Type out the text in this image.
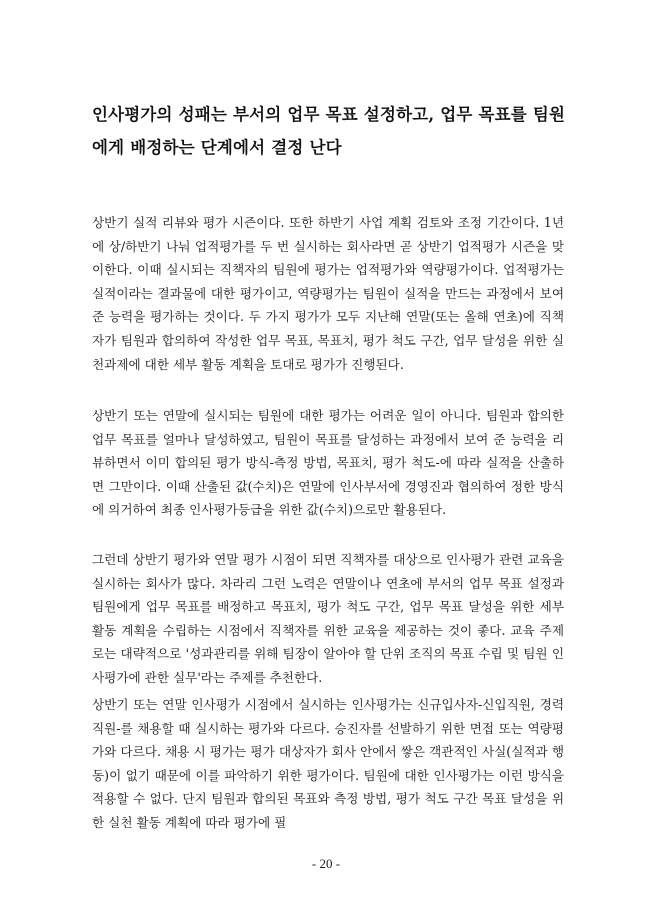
인사평가의 성패는 부서의 업무 목표 설정하고, 업무 목표를 팀원에게 배정하는 단계에서 결정 난다

상반기 실적 리뷰와 평가 시즌이다. 또한 하반기 사업 계획 검토와 조정 기간이다. 1년에 상/하반기 나눠 업적평가를 두 번 실시하는 회사라면 곧 상반기 업적평가 시즌을 맞이한다. 이때 실시되는 직책자의 팀원에 평가는 업적평가와 역량평가이다. 업적평가는 실적이라는 결과물에 대한 평가이고, 역량평가는 팀원이 실적을 만드는 과정에서 보여 준 능력을 평가하는 것이다. 두 가지 평가가 모두 지난해 연말(또는 올해 연초)에 직책자가 팀원과 합의하여 작성한 업무 목표, 목표치, 평가 척도 구간, 업무 달성을 위한 실천과제에 대한 세부 활동 계획을 토대로 평가가 진행된다.

상반기 또는 연말에 실시되는 팀원에 대한 평가는 어려운 일이 아니다. 팀원과 합의한 업무 목표를 얼마나 달성하였고, 팀원이 목표를 달성하는 과정에서 보여 준 능력을 리뷰하면서 이미 합의된 평가 방식-측정 방법, 목표치, 평가 척도-에 따라 실적을 산출하면 그만이다. 이때 산출된 값(수치)은 연말에 인사부서에 경영진과 협의하여 정한 방식에 의거하여 최종 인사평가등급을 위한 값(수치)으로만 활용된다.

그런데 상반기 평가와 연말 평가 시점이 되면 직책자를 대상으로 인사평가 관련 교육을 실시하는 회사가 많다. 차라리 그런 노력은 연말이나 연초에 부서의 업무 목표 설정과 팀원에게 업무 목표를 배정하고 목표치, 평가 척도 구간, 업무 목표 달성을 위한 세부 활동 계획을 수립하는 시점에서 직책자를 위한 교육을 제공하는 것이 좋다. 교육 주제로는 대략적으로 '성과관리를 위해 팀장이 알아야 할 단위 조직의 목표 수립 및 팀원 인사평가에 관한 실무'라는 주제를 추천한다.

상반기 또는 연말 인사평가 시점에서 실시하는 인사평가는 신규입사자-신입직원, 경력직원-를 채용할 때 실시하는 평가와 다르다. 승진자를 선발하기 위한 면접 또는 역량평가와 다르다. 채용 시 평가는 평가 대상자가 회사 안에서 쌓은 객관적인 사실(실적과 행동)이 없기 때문에 이를 파악하기 위한 평가이다. 팀원에 대한 인사평가는 이런 방식을 적용할 수 없다. 단지 팀원과 합의된 목표와 측정 방법, 평가 척도 구간 목표 달성을 위한 실천 활동 계획에 따라 평가에 필

- 20 -
